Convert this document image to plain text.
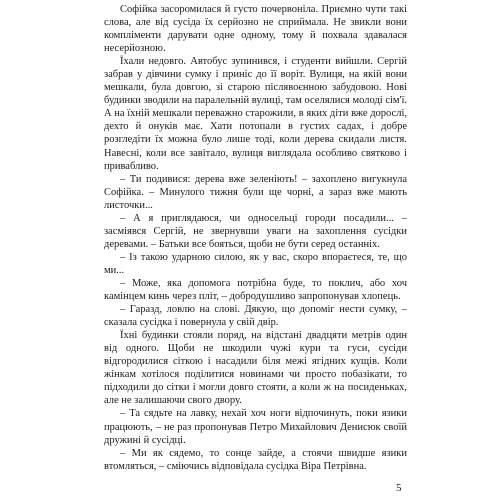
Софійка засоромилася й густо почервоніла. Приємно чути такі слова, але від сусіда їх серйозно не сприймала. Не звикли вони компліменти дарувати одне одному, тому й похвала здавалася несерйозною.

Їхали недовго. Автобус зупинився, і студенти вийшли. Сергій забрав у дівчини сумку і приніс до її воріт. Вулиця, на якій вони мешкали, була довгою, зі старою післявоєнною забудовою. Нові будинки зводили на паралельній вулиці, там оселялися молоді сім'ї. А на їхній мешкали переважно старожили, в яких діти вже дорослі, дехто й онуків має. Хати потопали в густих садах, і добре розгледіти їх можна було лише тоді, коли дерева скидали листя. Навесні, коли все завіталo, вулиця виглядала особливо святково і привабливо.

– Ти подивися: дерева вже зеленіють! – захоплено вигукнула Софійка. – Минулого тижня були ще чорні, а зараз вже мають листочки...

– А я приглядаюся, чи односельці городи посадили... – засміявся Сергій, не звернувши уваги на захоплення сусідки деревами. – Батьки все бояться, щоби не бути серед останніх.

– Із такою ударною силою, як у вас, скоро впораєтеся, те, що ми...

– Може, яка допомога потрібна буде, то поклич, або хоч камінцем кинь через пліт, – добродушливо запропонував хлопець.

– Гаразд, ловлю на слові. Дякую, що допоміг нести сумку, – сказала сусідка і повернула у свій двір.

Їхні будинки стояли поряд, на відстані двадцяти метрів один від одного. Щоби не шкодили чужі кури та гуси, сусіди відгородилися сіткою і насадили біля межі ягідних кущів. Коли жінкам хотілося поділитися новинами чи просто побазікати, то підходили до сітки і могли довго стояти, а коли ж на посиденьках, але не залишаючи свого двору.

– Та сядьте на лавку, нехай хоч ноги відпочинуть, поки язики працюють, – не раз пропонував Петро Михайлович Денисюк своїй дружині й сусідці.

– Ми як сядемо, то сонце зайде, а стоячи швидше язики втомляться, – сміючись відповідала сусідка Віра Петрівна.

5
